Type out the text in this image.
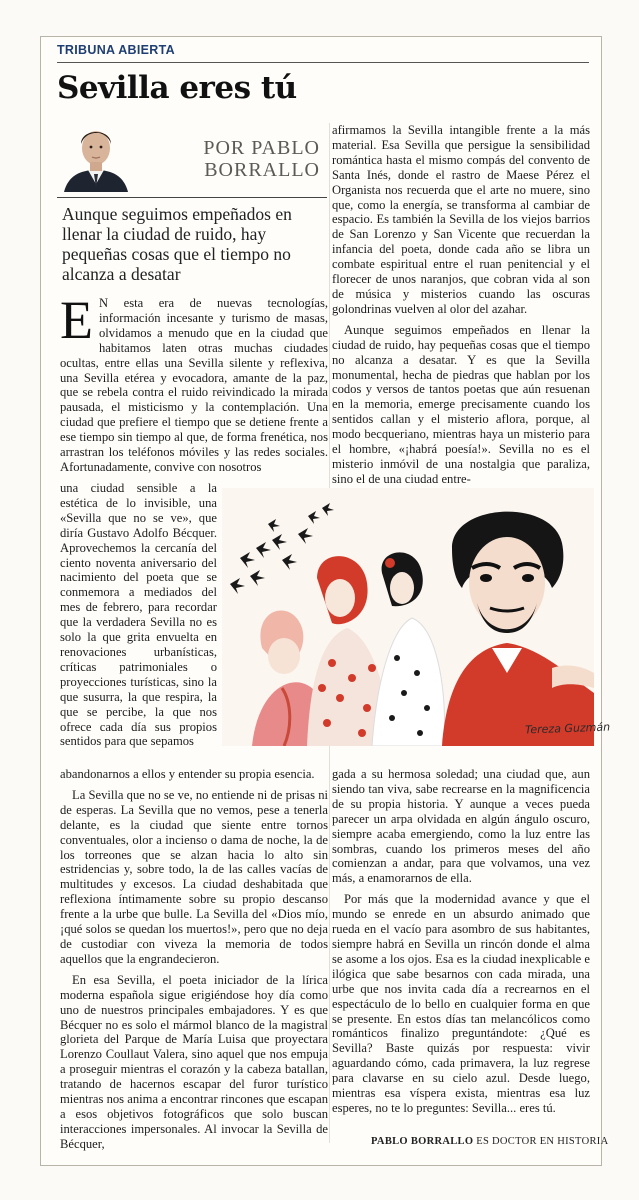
TRIBUNA ABIERTA
Sevilla eres tú
POR PABLO
BORRALLO
Aunque seguimos empeñados en llenar la ciudad de ruido, hay pequeñas cosas que el tiempo no alcanza a desatar

E N esta era de nuevas tecnologías, información incesante y turismo de masas, olvidamos a menudo que en la ciudad que habitamos laten otras muchas ciudades ocultas, entre ellas una Sevilla silente y reflexiva, una Sevilla etérea y evocadora, amante de la paz, que se rebela contra el ruido reivindicado la mirada pausada, el misticismo y la contemplación. Una ciudad que prefiere el tiempo que se detiene frente a ese tiempo sin tiempo al que, de forma frenética, nos arrastran los teléfonos móviles y las redes sociales. Afortunadamente, convive con nosotros

una ciudad sensible a la estética de lo invisible, una «Sevilla que no se ve», que diría Gustavo Adolfo Bécquer. Aprovechemos la cercanía del ciento noventa aniversario del nacimiento del poeta que se conmemora a mediados del mes de febrero, para recordar que la verdadera Sevilla no es solo la que grita envuelta en renovaciones urbanísticas, críticas patrimoniales o proyecciones turísticas, sino la que susurra, la que respira, la que se percibe, la que nos ofrece cada día sus propios sentidos para que sepamos

Tereza Guzmán

abandonarnos a ellos y entender su propia esencia.

La Sevilla que no se ve, no entiende ni de prisas ni de esperas. La Sevilla que no vemos, pese a tenerla delante, es la ciudad que siente entre tornos conventuales, olor a incienso o dama de noche, la de los torreones que se alzan hacia lo alto sin estridencias y, sobre todo, la de las calles vacías de multitudes y excesos. La ciudad deshabitada que reflexiona íntimamente sobre su propio descanso frente a la urbe que bulle. La Sevilla del «Dios mío, ¡qué solos se quedan los muertos!», pero que no deja de custodiar con viveza la memoria de todos aquellos que la engrandecieron.

En esa Sevilla, el poeta iniciador de la lírica moderna española sigue erigiéndose hoy día como uno de nuestros principales embajadores. Y es que Bécquer no es solo el mármol blanco de la magistral glorieta del Parque de María Luisa que proyectara Lorenzo Coullaut Valera, sino aquel que nos empuja a proseguir mientras el corazón y la cabeza batallan, tratando de hacernos escapar del furor turístico mientras nos anima a encontrar rincones que escapan a esos objetivos fotográficos que solo buscan interacciones impersonales. Al invocar la Sevilla de Bécquer,

afirmamos la Sevilla intangible frente a la más material. Esa Sevilla que persigue la sensibilidad romántica hasta el mismo compás del convento de Santa Inés, donde el rastro de Maese Pérez el Organista nos recuerda que el arte no muere, sino que, como la energía, se transforma al cambiar de espacio. Es también la Sevilla de los viejos barrios de San Lorenzo y San Vicente que recuerdan la infancia del poeta, donde cada año se libra un combate espiritual entre el ruan penitencial y el florecer de unos naranjos, que cobran vida al son de música y misterios cuando las oscuras golondrinas vuelven al olor del azahar.

Aunque seguimos empeñados en llenar la ciudad de ruido, hay pequeñas cosas que el tiempo no alcanza a desatar. Y es que la Sevilla monumental, hecha de piedras que hablan por los codos y versos de tantos poetas que aún resuenan en la memoria, emerge precisamente cuando los sentidos callan y el misterio aflora, porque, al modo becqueriano, mientras haya un misterio para el hombre, «¡habrá poesía!». Sevilla no es el misterio inmóvil de una nostalgia que paraliza, sino el de una ciudad entre-

gada a su hermosa soledad; una ciudad que, aun siendo tan viva, sabe recrearse en la magnificencia de su propia historia. Y aunque a veces pueda parecer un arpa olvidada en algún ángulo oscuro, siempre acaba emergiendo, como la luz entre las sombras, cuando los primeros meses del año comienzan a andar, para que volvamos, una vez más, a enamorarnos de ella.

Por más que la modernidad avance y que el mundo se enrede en un absurdo animado que rueda en el vacío para asombro de sus habitantes, siempre habrá en Sevilla un rincón donde el alma se asome a los ojos. Esa es la ciudad inexplicable e ilógica que sabe besarnos con cada mirada, una urbe que nos invita cada día a recrearnos en el espectáculo de lo bello en cualquier forma en que se presente. En estos días tan melancólicos como románticos finalizo preguntándote: ¿Qué es Sevilla? Baste quizás por respuesta: vivir aguardando cómo, cada primavera, la luz regrese para clavarse en su cielo azul. Desde luego, mientras esa víspera exista, mientras esa luz esperes, no te lo preguntes: Sevilla... eres tú.

PABLO BORRALLO ES DOCTOR EN HISTORIA
